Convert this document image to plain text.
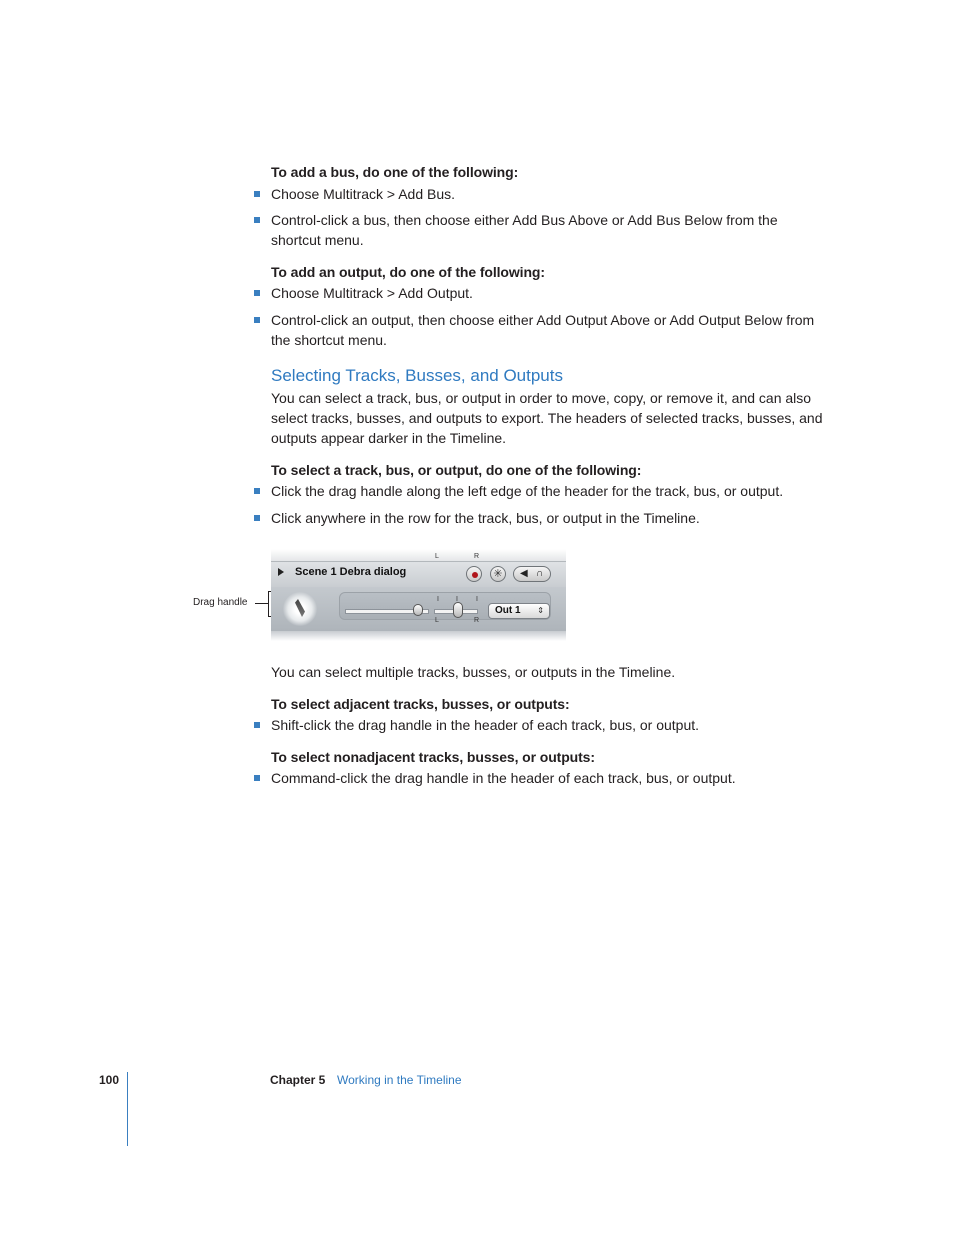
To add a bus, do one of the following:
Choose Multitrack > Add Bus.
Control-click a bus, then choose either Add Bus Above or Add Bus Below from the shortcut menu.
To add an output, do one of the following:
Choose Multitrack > Add Output.
Control-click an output, then choose either Add Output Above or Add Output Below from the shortcut menu.
Selecting Tracks, Busses, and Outputs
You can select a track, bus, or output in order to move, copy, or remove it, and can also select tracks, busses, and outputs to export. The headers of selected tracks, busses, and outputs appear darker in the Timeline.
To select a track, bus, or output, do one of the following:
Click the drag handle along the left edge of the header for the track, bus, or output.
Click anywhere in the row for the track, bus, or output in the Timeline.
Drag handle
Scene 1 Debra dialog	✳ ◀ ∩
I I	I
L	R
L	R
Out 1 ⇕
You can select multiple tracks, busses, or outputs in the Timeline.
To select adjacent tracks, busses, or outputs:
Shift-click the drag handle in the header of each track, bus, or output.
To select nonadjacent tracks, busses, or outputs:
Command-click the drag handle in the header of each track, bus, or output.
100	Chapter 5 Working in the Timeline
